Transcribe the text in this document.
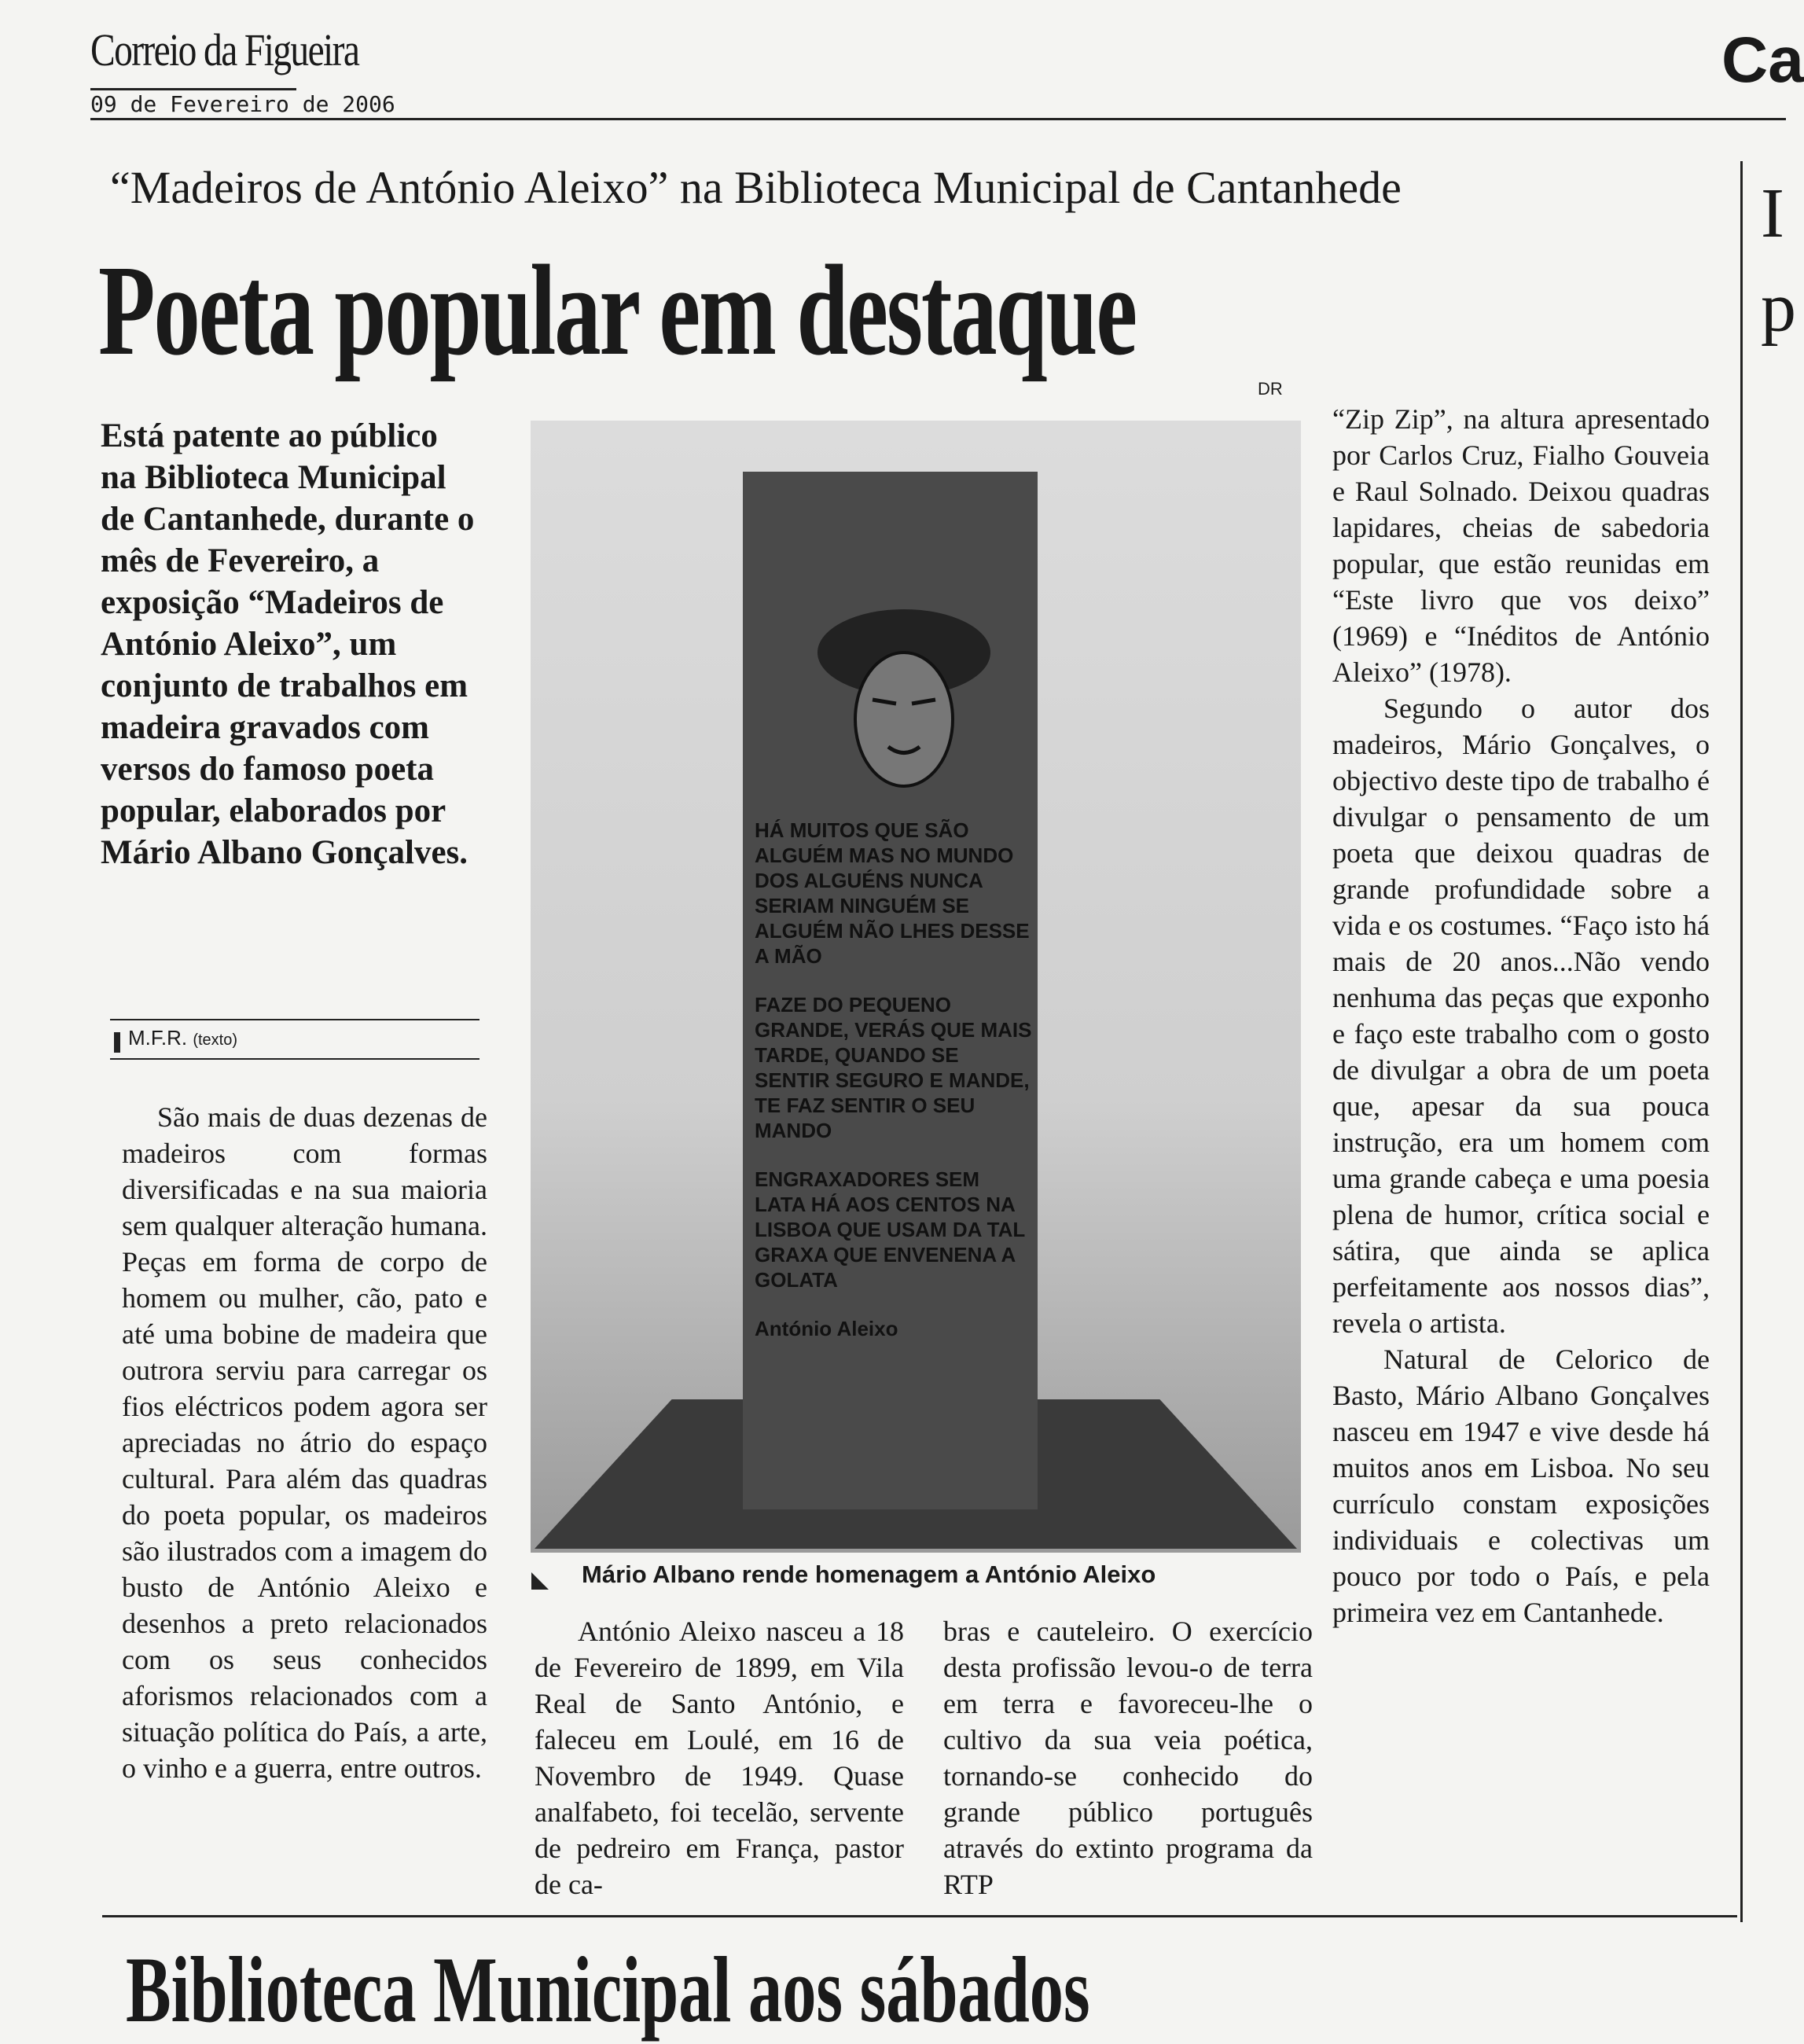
Correio da Figueira
09 de Fevereiro de 2006
Ca
I
p
“Madeiros de António Aleixo” na Biblioteca Municipal de Cantanhede
Poeta popular em destaque
DR

Está patente ao público na Biblioteca Municipal de Cantanhede, durante o mês de Fevereiro, a exposição “Madeiros de António Aleixo”, um conjunto de trabalhos em madeira gravados com versos do famoso poeta popular, elaborados por Mário Albano Gonçalves.

M.F.R. (texto)

São mais de duas dezenas de madeiros com formas diversificadas e na sua maioria sem qualquer alteração humana. Peças em forma de corpo de homem ou mulher, cão, pato e até uma bobine de madeira que outrora serviu para carregar os fios eléctricos podem agora ser apreciadas no átrio do espaço cultural. Para além das quadras do poeta popular, os madeiros são ilustrados com a imagem do busto de António Aleixo e desenhos a preto relacionados com os seus conhecidos aforismos relacionados com a situação política do País, a arte, o vinho e a guerra, entre outros.

HÁ MUITOS QUE SÃO ALGUÉM MAS NO MUNDO DOS ALGUÉNS NUNCA SERIAM NINGUÉM SE ALGUÉM NÃO LHES DESSE A MÃO
FAZE DO PEQUENO GRANDE, VERÁS QUE MAIS TARDE, QUANDO SE SENTIR SEGURO E MANDE, TE FAZ SENTIR O SEU MANDO
ENGRAXADORES SEM LATA HÁ AOS CENTOS NA LISBOA QUE USAM DA TAL GRAXA QUE ENVENENA A GOLATA
António Aleixo
Mário Albano rende homenagem a António Aleixo

António Aleixo nasceu a 18 de Fevereiro de 1899, em Vila Real de Santo António, e faleceu em Loulé, em 16 de Novembro de 1949. Quase analfabeto, foi tecelão, servente de pedreiro em França, pastor de ca-

bras e cauteleiro. O exercício desta profissão levou-o de terra em terra e favoreceu-lhe o cultivo da sua veia poética, tornando-se conhecido do grande público português através do extinto programa da RTP

“Zip Zip”, na altura apresentado por Carlos Cruz, Fialho Gouveia e Raul Solnado. Deixou quadras lapidares, cheias de sabedoria popular, que estão reunidas em “Este livro que vos deixo” (1969) e “Inéditos de António Aleixo” (1978).

Segundo o autor dos madeiros, Mário Gonçalves, o objectivo deste tipo de trabalho é divulgar o pensamento de um poeta que deixou quadras de grande profundidade sobre a vida e os costumes. “Faço isto há mais de 20 anos...Não vendo nenhuma das peças que exponho e faço este trabalho com o gosto de divulgar a obra de um poeta que, apesar da sua pouca instrução, era um homem com uma grande cabeça e uma poesia plena de humor, crítica social e sátira, que ainda se aplica perfeitamente aos nossos dias”, revela o artista.

Natural de Celorico de Basto, Mário Albano Gonçalves nasceu em 1947 e vive desde há muitos anos em Lisboa. No seu currículo constam exposições individuais e colectivas um pouco por todo o País, e pela primeira vez em Cantanhede.

Biblioteca Municipal aos sábados
